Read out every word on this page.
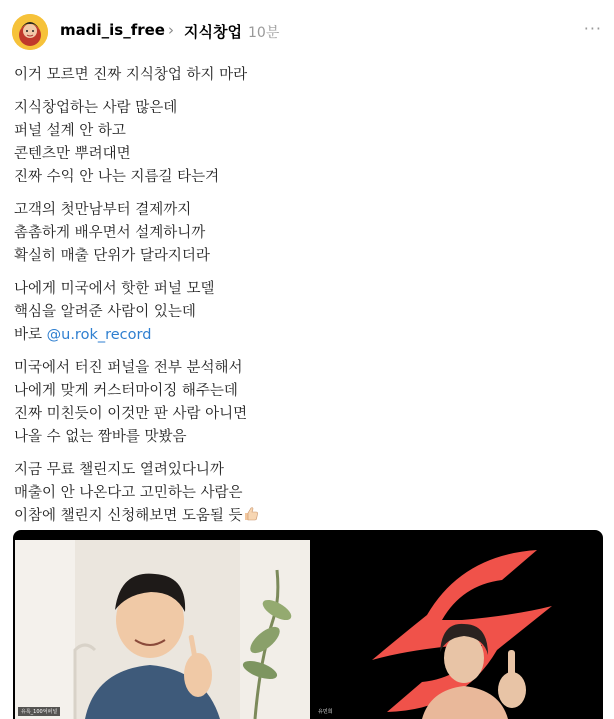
madi_is_free › 지식창업 10분	···
이거 모르면 진짜 지식창업 하지 마라
지식창업하는 사람 많은데
퍼널 설계 안 하고
콘텐츠만 뿌려대면
진짜 수익 안 나는 지름길 타는겨
고객의 첫만남부터 결제까지
촘촘하게 배우면서 설계하니까
확실히 매출 단위가 달라지더라
나에게 미국에서 핫한 퍼널 모델
핵심을 알려준 사람이 있는데
바로 @u.rok_record
미국에서 터진 퍼널을 전부 분석해서
나에게 맞게 커스터마이징 해주는데
진짜 미친듯이 이것만 판 사람 아니면
나올 수 없는 짬바를 맛봤음
지금 무료 챌린지도 열려있다니까
매출이 안 나온다고 고민하는 사람은
이참에 챌린지 신청해보면 도움될 듯
유록_100억퍼널	유민희
